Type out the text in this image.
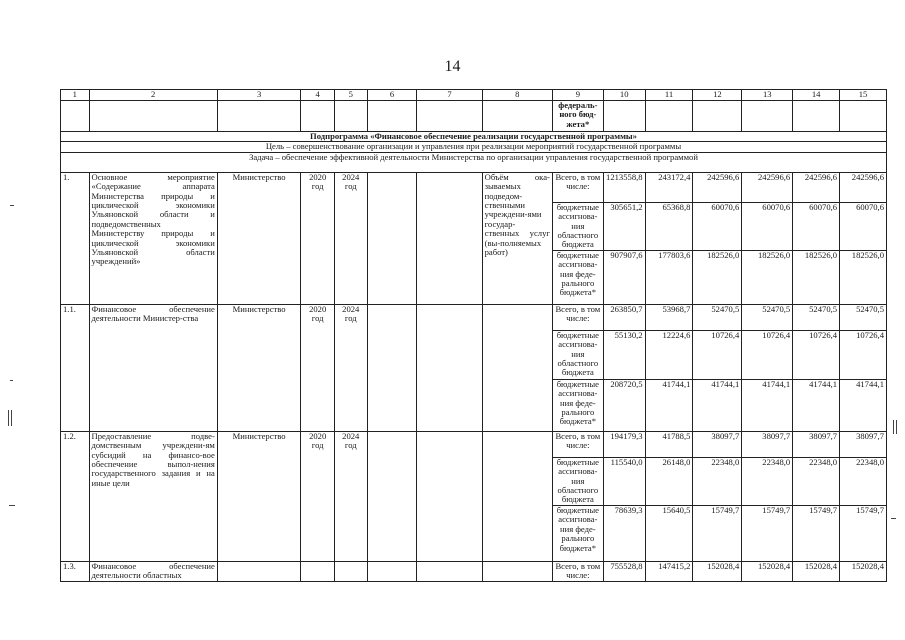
14
1	2	3	4	5	6	7	8	9	10	11	12	13	14	15
								федераль-ного бюд-жета*						
Подпрограмма «Финансовое обеспечение реализации государственной программы»														
Цель – совершенствование организации и управления при реализации мероприятий государственной программы														
Задача – обеспечение эффективной деятельности Министерства по организации управления государственной программой														
1.	Основное мероприятие «Содержание аппарата Министерства природы и циклической экономики Ульяновской области и подведомственных Министерству природы и циклической экономики Ульяновской области учреждений»	Министерство	2020 год	2024 год			Объём ока-зываемых подведом-ственными учреждени-ями государ-ственных услуг (вы-полняемых работ)	Всего, в том числе:	1213558,8	243172,4	242596,6	242596,6	242596,6	242596,6
								бюджетные ассигнова-ния областного бюджета	305651,2	65368,8	60070,6	60070,6	60070,6	60070,6
								бюджетные ассигнова-ния феде-рального бюджета*	907907,6	177803,6	182526,0	182526,0	182526,0	182526,0
1.1.	Финансовое обеспечение деятельности Министер-ства	Министерство	2020 год	2024 год				Всего, в том числе:	263850,7	53968,7	52470,5	52470,5	52470,5	52470,5
								бюджетные ассигнова-ния областного бюджета	55130,2	12224,6	10726,4	10726,4	10726,4	10726,4
								бюджетные ассигнова-ния феде-рального бюджета*	208720,5	41744,1	41744,1	41744,1	41744,1	41744,1
1.2.	Предоставление подве-домственным учреждени-ям субсидий на финансо-вое обеспечение выпол-нения государственного задания и на иные цели	Министерство	2020 год	2024 год				Всего, в том числе:	194179,3	41788,5	38097,7	38097,7	38097,7	38097,7
								бюджетные ассигнова-ния областного бюджета	115540,0	26148,0	22348,0	22348,0	22348,0	22348,0
								бюджетные ассигнова-ния феде-рального бюджета*	78639,3	15640,5	15749,7	15749,7	15749,7	15749,7
1.3.	Финансовое обеспечение деятельности областных							Всего, в том числе:	755528,8	147415,2	152028,4	152028,4	152028,4	152028,4
